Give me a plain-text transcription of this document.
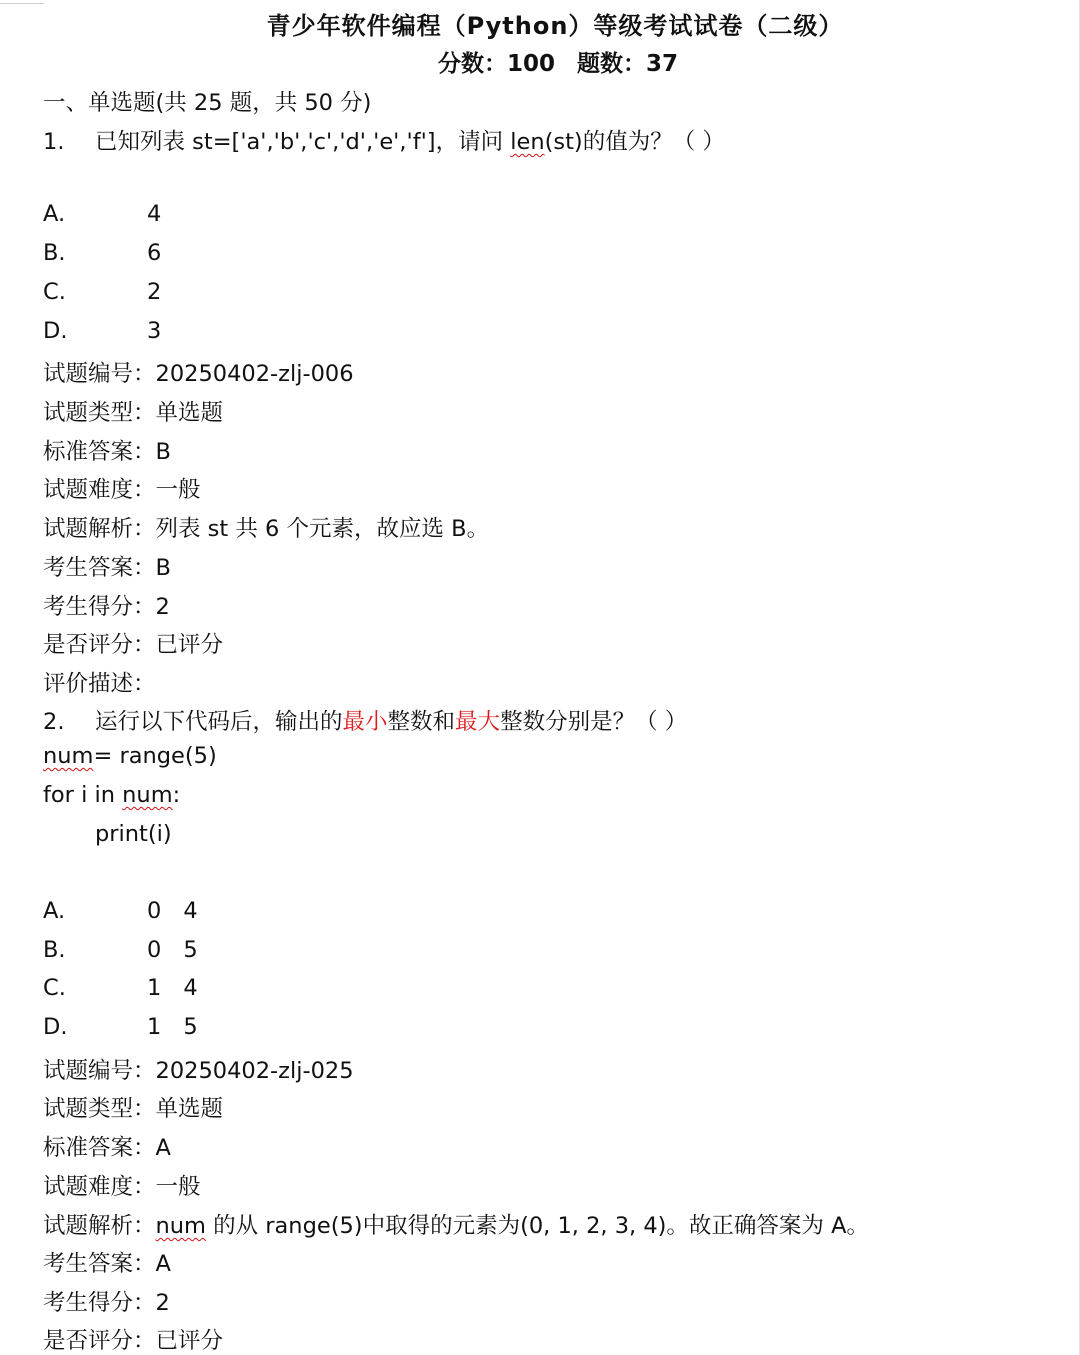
青少年软件编程（Python）等级考试试卷（二级）
分数：100 题数：37
一、单选题(共 25 题，共 50 分)
1. 已知列表 st=['a','b','c','d','e','f']，请问 len(st)的值为？（ ）
A.	4
B.	6
C.	2
D.	3
试题编号：20250402-zlj-006
试题类型：单选题
标准答案：B
试题难度：一般
试题解析：列表 st 共 6 个元素，故应选 B。
考生答案：B
考生得分：2
是否评分：已评分
评价描述：
2. 运行以下代码后，输出的最小整数和最大整数分别是？（ ）
num= range(5)
for i in num:
print(i)
A.	0 4
B.	0 5
C.	1 4
D.	1 5
试题编号：20250402-zlj-025
试题类型：单选题
标准答案：A
试题难度：一般
试题解析：num 的从 range(5)中取得的元素为(0, 1, 2, 3, 4)。故正确答案为 A。
考生答案：A
考生得分：2
是否评分：已评分
